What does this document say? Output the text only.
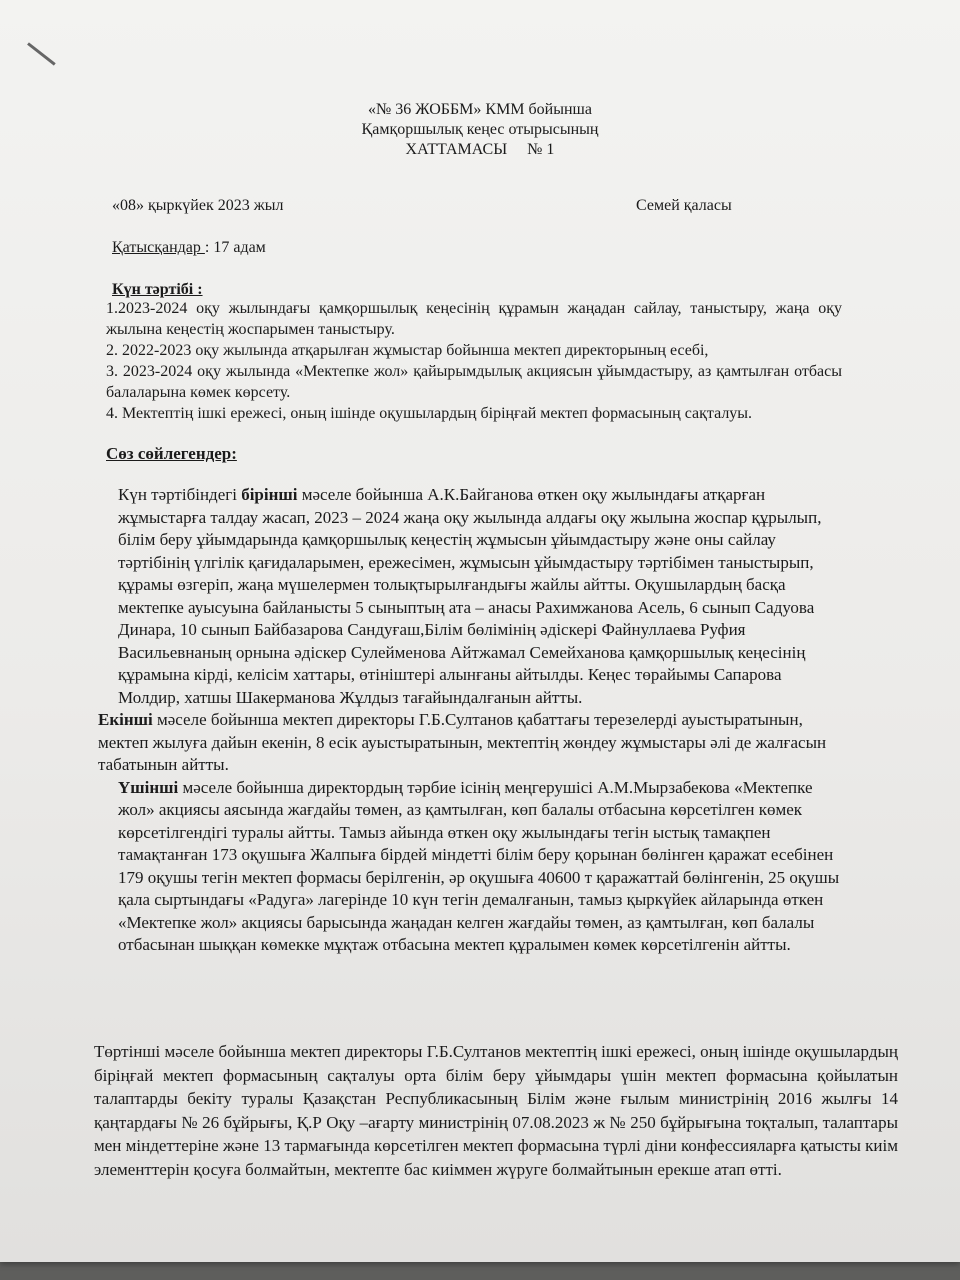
«№ 36 ЖОББМ» КММ бойынша
Қамқоршылық кеңес отырысының
ХАТТАМАСЫ     № 1
«08» қыркүйек 2023 жыл	Семей қаласы
Қатысқандар : 17 адам
Күн тәртібі :

1.2023-2024 оқу жылындағы қамқоршылық кеңесінің құрамын жаңадан сайлау, таныстыру, жаңа оқу жылына кеңестің жоспарымен таныстыру.

2. 2022-2023 оқу жылында атқарылған жұмыстар бойынша мектеп директорының есебі,

3. 2023-2024 оқу жылында «Мектепке жол» қайырымдылық акциясын ұйымдастыру, аз қамтылған отбасы балаларына көмек көрсету.

4. Мектептің ішкі ережесі, оның ішінде оқушылардың біріңғай мектеп формасының сақталуы.

Сөз сөйлегендер:

Күн тәртібіндегі бірінші мәселе бойынша А.К.Байганова өткен оқу жылындағы атқарған жұмыстарға талдау жасап, 2023 – 2024 жаңа оқу жылында алдағы оқу жылына жоспар құрылып, білім беру ұйымдарында қамқоршылық кеңестің жұмысын ұйымдастыру және оны сайлау тәртібінің үлгілік қағидаларымен, ережесімен, жұмысын ұйымдастыру тәртібімен таныстырып, құрамы өзгеріп, жаңа мүшелермен толықтырылғандығы жайлы айтты. Оқушылардың басқа мектепке ауысуына байланысты 5 сыныптың ата – анасы Рахимжанова Асель, 6 сынып Садуова Динара, 10 сынып Байбазарова Сандуғаш,Білім бөлімінің әдіскері Файнуллаева Руфия Васильевнаның орнына әдіскер Сулейменова Айтжамал Семейханова қамқоршылық кеңесінің құрамына кірді, келісім хаттары, өтініштері алынғаны айтылды. Кеңес төрайымы Сапарова Молдир, хатшы Шакерманова Жұлдыз тағайындалғанын айтты.

Екінші мәселе бойынша мектеп директоры Г.Б.Султанов қабаттағы терезелерді ауыстыратынын, мектеп жылуға дайын екенін, 8 есік ауыстыратынын, мектептің жөндеу жұмыстары әлі де жалғасын табатынын айтты.

Үшінші мәселе бойынша директордың тәрбие ісінің меңгерушісі А.М.Мырзабекова «Мектепке жол» акциясы аясында жағдайы төмен, аз қамтылған, көп балалы отбасына көрсетілген көмек көрсетілгендігі туралы айтты. Тамыз айында өткен оқу жылындағы тегін ыстық тамақпен тамақтанған 173 оқушыға Жалпыға бірдей міндетті білім беру қорынан бөлінген қаражат есебінен 179 оқушы тегін мектеп формасы берілгенін, әр оқушыға 40600 т қаражаттай бөлінгенін, 25 оқушы қала сыртындағы «Радуга» лагерінде 10 күн тегін демалғанын, тамыз қыркүйек айларында өткен «Мектепке жол» акциясы барысында жаңадан келген жағдайы төмен, аз қамтылған, көп балалы отбасынан шыққан көмекке мұқтаж отбасына мектеп құралымен көмек көрсетілгенін айтты.

Төртінші мәселе бойынша мектеп директоры Г.Б.Султанов мектептің ішкі ережесі, оның ішінде оқушылардың біріңғай мектеп формасының сақталуы орта білім беру ұйымдары үшін мектеп формасына қойылатын талаптарды бекіту туралы Қазақстан Республикасының Білім және ғылым министрінің 2016 жылғы 14 қаңтардағы № 26 бұйрығы, Қ.Р Оқу –ағарту министрінің 07.08.2023 ж № 250 бұйрығына тоқталып, талаптары мен міндеттеріне және 13 тармағында көрсетілген мектеп формасына түрлі діни конфессияларға қатысты киім элементтерін қосуға болмайтын, мектепте бас киіммен жүруге болмайтынын ерекше атап өтті.
